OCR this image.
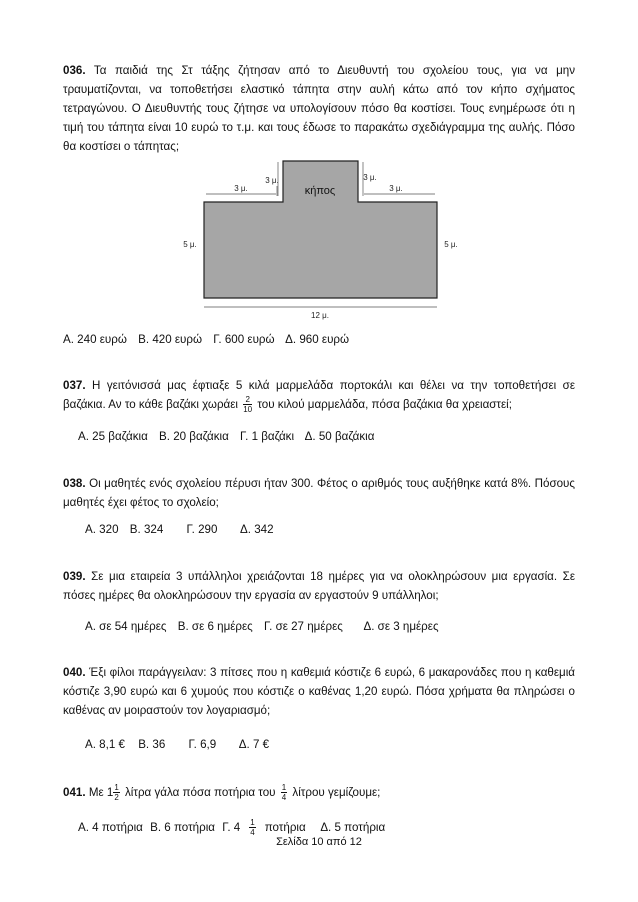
036. Τα παιδιά της Στ τάξης ζήτησαν από το Διευθυντή του σχολείου τους, για να μην τραυματίζονται, να τοποθετήσει ελαστικό τάπητα στην αυλή κάτω από τον κήπο σχήματος τετραγώνου. Ο Διευθυντής τους ζήτησε να υπολογίσουν πόσο θα κοστίσει. Τους ενημέρωσε ότι η τιμή του τάπητα είναι 10 ευρώ το τ.μ. και τους έδωσε το παρακάτω σχεδιάγραμμα της αυλής. Πόσο θα κοστίσει ο τάπητας;
κήπος
3 μ.
3 μ.	3 μ.
3 μ.
5 μ.	5 μ.
12 μ.
Α. 240 ευρώ Β. 420 ευρώ Γ. 600 ευρώ Δ. 960 ευρώ
037. Η γειτόνισσά μας έφτιαξε 5 κιλά μαρμελάδα πορτοκάλι και θέλει να την τοποθετήσει σε βαζάκια. Αν το κάθε βαζάκι χωράει $\frac{2}{10}$ του κιλού μαρμελάδα, πόσα βαζάκια θα χρειαστεί;
Α. 25 βαζάκια Β. 20 βαζάκια Γ. 1 βαζάκι Δ. 50 βαζάκια
038. Οι μαθητές ενός σχολείου πέρυσι ήταν 300. Φέτος ο αριθμός τους αυξήθηκε κατά 8%. Πόσους μαθητές έχει φέτος το σχολείο;
Α. 320 Β. 324 Γ. 290 Δ. 342
039. Σε μια εταιρεία 3 υπάλληλοι χρειάζονται 18 ημέρες για να ολοκληρώσουν μια εργασία. Σε πόσες ημέρες θα ολοκληρώσουν την εργασία αν εργαστούν 9 υπάλληλοι;
Α. σε 54 ημέρες Β. σε 6 ημέρες Γ. σε 27 ημέρες Δ. σε 3 ημέρες
040. Έξι φίλοι παράγγειλαν: 3 πίτσες που η καθεμιά κόστιζε 6 ευρώ, 6 μακαρονάδες που η καθεμιά κόστιζε 3,90 ευρώ και 6 χυμούς που κόστιζε ο καθένας 1,20 ευρώ. Πόσα χρήματα θα πληρώσει ο καθένας αν μοιραστούν τον λογαριασμό;
Α. 8,1 € Β. 36 Γ. 6,9 Δ. 7 €
041. Με $1 \frac{1}{2}$ λίτρα γάλα πόσα ποτήρια του $\frac{1}{4}$ λίτρου γεμίζουμε;
Α. 4 ποτήρια Β. 6 ποτήρια Γ. $4 \frac{1}{4}$ ποτήρια Δ. 5 ποτήρια
Σελίδα 10 από 12
